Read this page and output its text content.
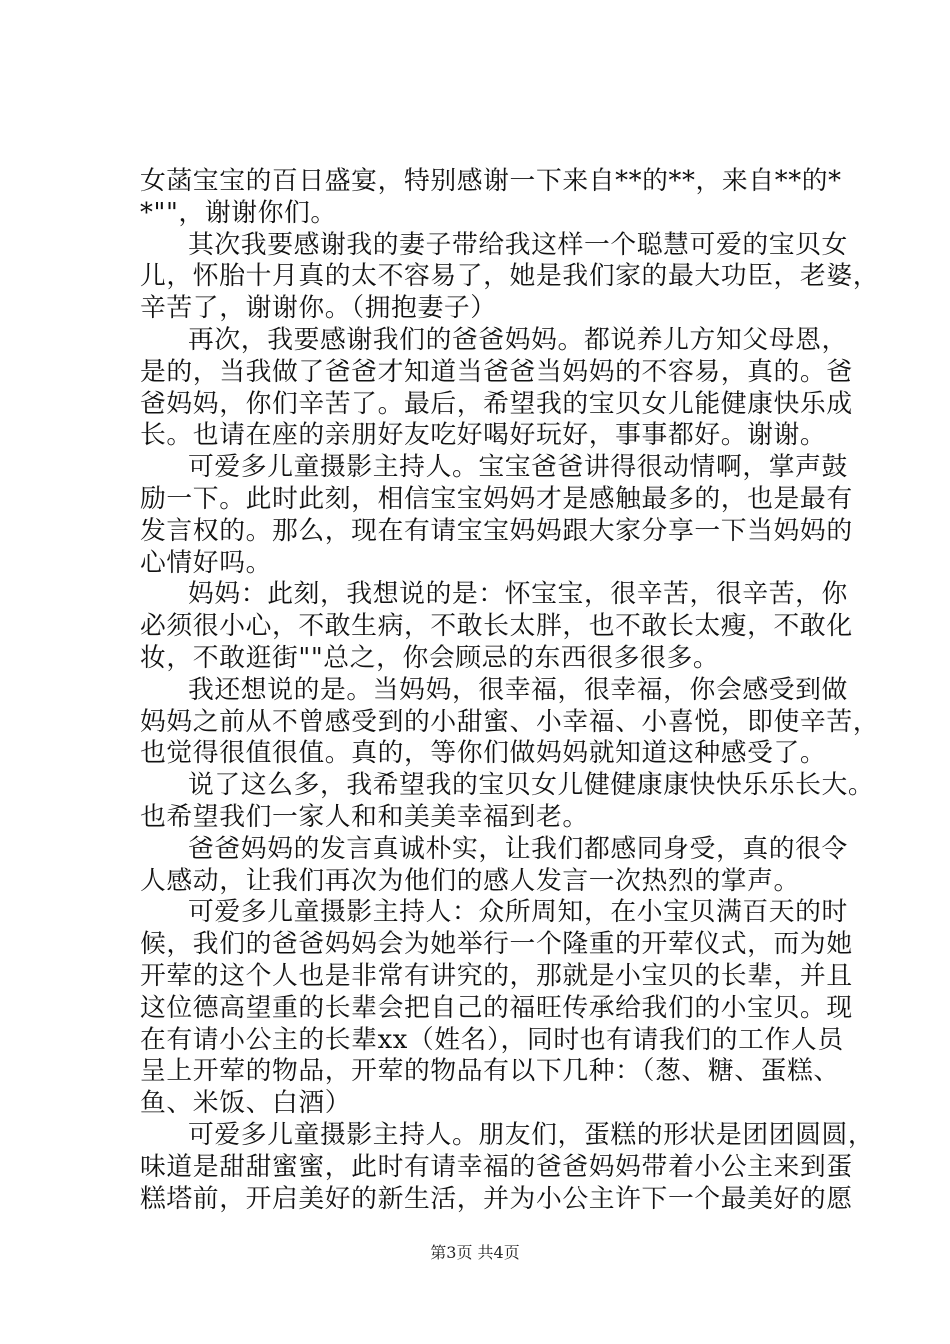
女菡宝宝的百日盛宴，特别感谢一下来自**的**，来自**的*
*""，谢谢你们。
其次我要感谢我的妻子带给我这样一个聪慧可爱的宝贝女
儿，怀胎十月真的太不容易了，她是我们家的最大功臣，老婆，
辛苦了，谢谢你。（拥抱妻子）
再次，我要感谢我们的爸爸妈妈。都说养儿方知父母恩，
是的，当我做了爸爸才知道当爸爸当妈妈的不容易，真的。爸
爸妈妈，你们辛苦了。最后，希望我的宝贝女儿能健康快乐成
长。也请在座的亲朋好友吃好喝好玩好，事事都好。谢谢。
可爱多儿童摄影主持人。宝宝爸爸讲得很动情啊，掌声鼓
励一下。此时此刻，相信宝宝妈妈才是感触最多的，也是最有
发言权的。那么，现在有请宝宝妈妈跟大家分享一下当妈妈的
心情好吗。
妈妈：此刻，我想说的是：怀宝宝，很辛苦，很辛苦，你
必须很小心，不敢生病，不敢长太胖，也不敢长太瘦，不敢化
妆，不敢逛街""总之，你会顾忌的东西很多很多。
我还想说的是。当妈妈，很幸福，很幸福，你会感受到做
妈妈之前从不曾感受到的小甜蜜、小幸福、小喜悦，即使辛苦，
也觉得很值很值。真的，等你们做妈妈就知道这种感受了。
说了这么多，我希望我的宝贝女儿健健康康快快乐乐长大。
也希望我们一家人和和美美幸福到老。
爸爸妈妈的发言真诚朴实，让我们都感同身受，真的很令
人感动，让我们再次为他们的感人发言一次热烈的掌声。
可爱多儿童摄影主持人：众所周知，在小宝贝满百天的时
候，我们的爸爸妈妈会为她举行一个隆重的开荤仪式，而为她
开荤的这个人也是非常有讲究的，那就是小宝贝的长辈，并且
这位德高望重的长辈会把自己的福旺传承给我们的小宝贝。现
在有请小公主的长辈xx（姓名），同时也有请我们的工作人员
呈上开荤的物品，开荤的物品有以下几种：（葱、糖、蛋糕、
鱼、米饭、白酒）
可爱多儿童摄影主持人。朋友们，蛋糕的形状是团团圆圆，
味道是甜甜蜜蜜，此时有请幸福的爸爸妈妈带着小公主来到蛋
糕塔前，开启美好的新生活，并为小公主许下一个最美好的愿
第3页 共4页
